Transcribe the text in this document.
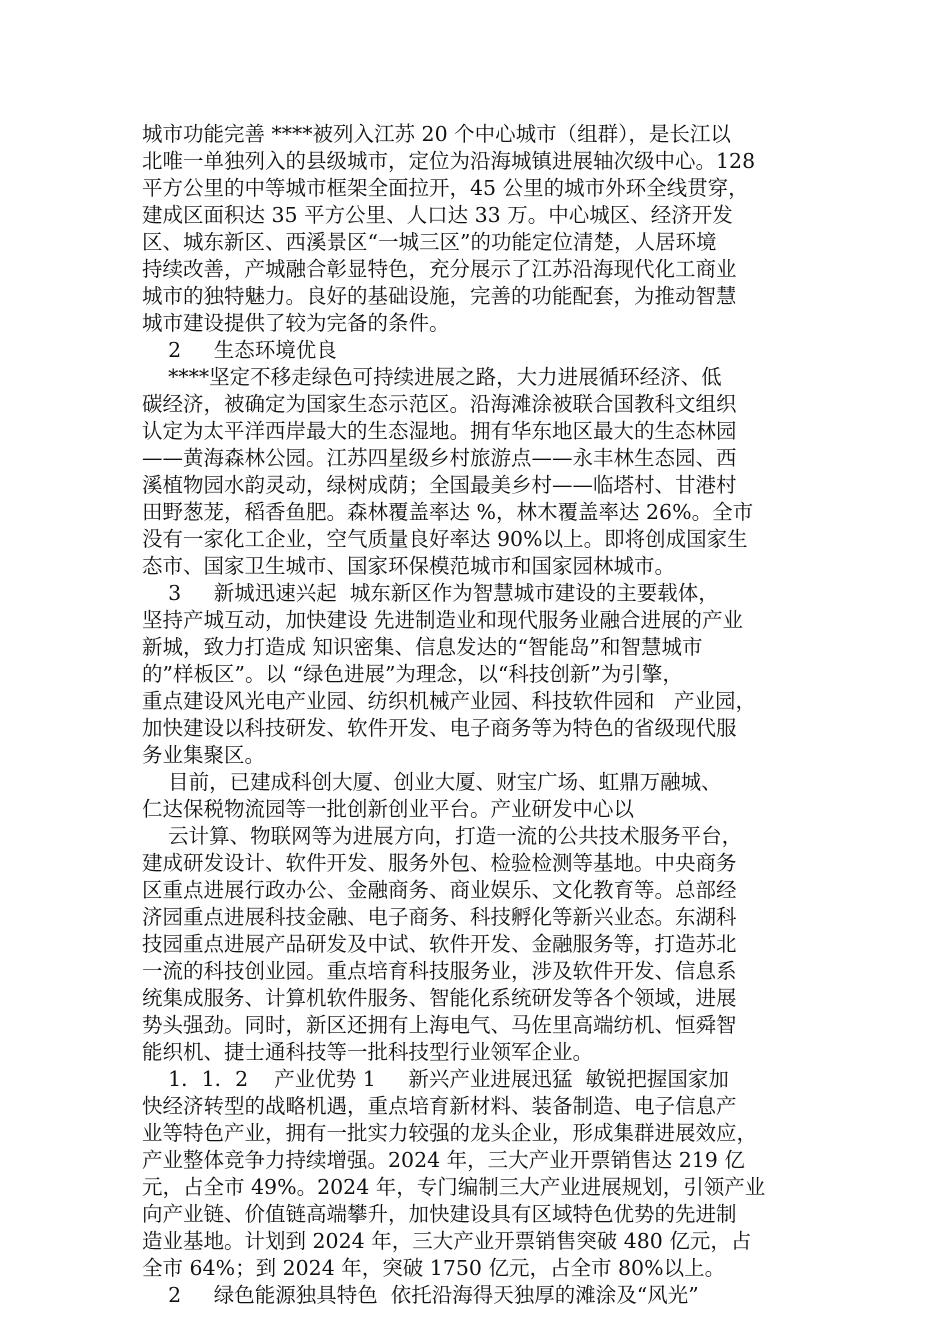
城市功能完善 ****被列入江苏 20 个中心城市（组群），是长江以
北唯一单独列入的县级城市，定位为沿海城镇进展轴次级中心。128
平方公里的中等城市框架全面拉开，45 公里的城市外环全线贯穿，
建成区面积达 35 平方公里、人口达 33 万。中心城区、经济开发
区、城东新区、西溪景区“一城三区”的功能定位清楚，人居环境
持续改善，产城融合彰显特色，充分展示了江苏沿海现代化工商业
城市的独特魅力。良好的基础设施，完善的功能配套，为推动智慧
城市建设提供了较为完备的条件。
2     生态环境优良
****坚定不移走绿色可持续进展之路，大力进展循环经济、低
碳经济，被确定为国家生态示范区。沿海滩涂被联合国教科文组织
认定为太平洋西岸最大的生态湿地。拥有华东地区最大的生态林园
——黄海森林公园。江苏四星级乡村旅游点——永丰林生态园、西
溪植物园水韵灵动，绿树成荫；全国最美乡村——临塔村、甘港村
田野葱茏，稻香鱼肥。森林覆盖率达 %，林木覆盖率达 26%。全市
没有一家化工企业，空气质量良好率达 90%以上。即将创成国家生
态市、国家卫生城市、国家环保模范城市和国家园林城市。
3     新城迅速兴起  城东新区作为智慧城市建设的主要载体，
坚持产城互动，加快建设 先进制造业和现代服务业融合进展的产业
新城，致力打造成 知识密集、信息发达的“智能岛”和智慧城市
的”样板区”。以 “绿色进展”为理念，以“科技创新”为引擎，
重点建设风光电产业园、纺织机械产业园、科技软件园和   产业园，
加快建设以科技研发、软件开发、电子商务等为特色的省级现代服
务业集聚区。
目前，已建成科创大厦、创业大厦、财宝广场、虹鼎万融城、
仁达保税物流园等一批创新创业平台。产业研发中心以
云计算、物联网等为进展方向，打造一流的公共技术服务平台，
建成研发设计、软件开发、服务外包、检验检测等基地。中央商务
区重点进展行政办公、金融商务、商业娱乐、文化教育等。总部经
济园重点进展科技金融、电子商务、科技孵化等新兴业态。东湖科
技园重点进展产品研发及中试、软件开发、金融服务等，打造苏北
一流的科技创业园。重点培育科技服务业，涉及软件开发、信息系
统集成服务、计算机软件服务、智能化系统研发等各个领域，进展
势头强劲。同时，新区还拥有上海电气、马佐里高端纺机、恒舜智
能织机、捷士通科技等一批科技型行业领军企业。
1．1．2    产业优势 1     新兴产业进展迅猛  敏锐把握国家加
快经济转型的战略机遇，重点培育新材料、装备制造、电子信息产
业等特色产业，拥有一批实力较强的龙头企业，形成集群进展效应，
产业整体竞争力持续增强。2024 年，三大产业开票销售达 219 亿
元，占全市 49%。2024 年，专门编制三大产业进展规划，引领产业
向产业链、价值链高端攀升，加快建设具有区域特色优势的先进制
造业基地。计划到 2024 年，三大产业开票销售突破 480 亿元，占
全市 64%；到 2024 年，突破 1750 亿元，占全市 80%以上。
2     绿色能源独具特色  依托沿海得天独厚的滩涂及“风光”
